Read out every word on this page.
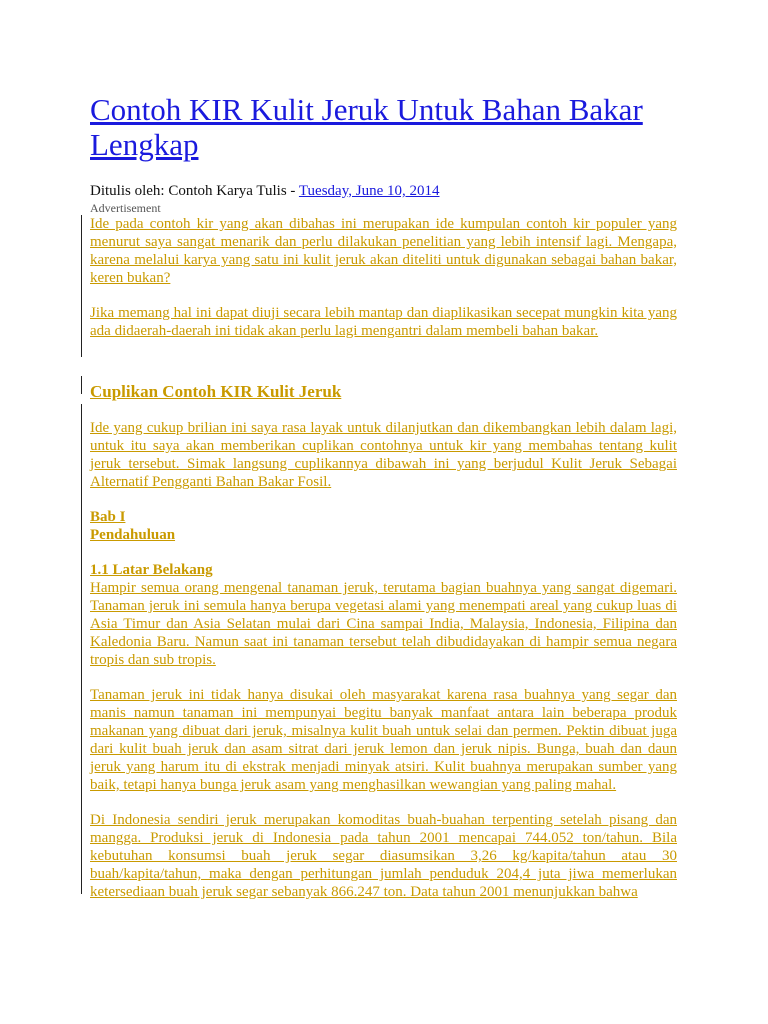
Contoh KIR Kulit Jeruk Untuk Bahan Bakar Lengkap
Ditulis oleh: Contoh Karya Tulis - Tuesday, June 10, 2014
Advertisement

Ide pada contoh kir yang akan dibahas ini merupakan ide kumpulan contoh kir populer yang menurut saya sangat menarik dan perlu dilakukan penelitian yang lebih intensif lagi. Mengapa, karena melalui karya yang satu ini kulit jeruk akan diteliti untuk digunakan sebagai bahan bakar, keren bukan?

Jika memang hal ini dapat diuji secara lebih mantap dan diaplikasikan secepat mungkin kita yang ada didaerah-daerah ini tidak akan perlu lagi mengantri dalam membeli bahan bakar.

Cuplikan Contoh KIR Kulit Jeruk

Ide yang cukup brilian ini saya rasa layak untuk dilanjutkan dan dikembangkan lebih dalam lagi, untuk itu saya akan memberikan cuplikan contohnya untuk kir yang membahas tentang kulit jeruk tersebut. Simak langsung cuplikannya dibawah ini yang berjudul Kulit Jeruk Sebagai Alternatif Pengganti Bahan Bakar Fosil.

Bab I

Pendahuluan

1.1 Latar Belakang

Hampir semua orang mengenal tanaman jeruk, terutama bagian buahnya yang sangat digemari. Tanaman jeruk ini semula hanya berupa vegetasi alami yang menempati areal yang cukup luas di Asia Timur dan Asia Selatan mulai dari Cina sampai India, Malaysia, Indonesia, Filipina dan Kaledonia Baru. Namun saat ini tanaman tersebut telah dibudidayakan di hampir semua negara tropis dan sub tropis.

Tanaman jeruk ini tidak hanya disukai oleh masyarakat karena rasa buahnya yang segar dan manis namun tanaman ini mempunyai begitu banyak manfaat antara lain beberapa produk makanan yang dibuat dari jeruk, misalnya kulit buah untuk selai dan permen. Pektin dibuat juga dari kulit buah jeruk dan asam sitrat dari jeruk lemon dan jeruk nipis. Bunga, buah dan daun jeruk yang harum itu di ekstrak menjadi minyak atsiri. Kulit buahnya merupakan sumber yang baik, tetapi hanya bunga jeruk asam yang menghasilkan wewangian yang paling mahal.

Di Indonesia sendiri jeruk merupakan komoditas buah-buahan terpenting setelah pisang dan mangga. Produksi jeruk di Indonesia pada tahun 2001 mencapai 744.052 ton/tahun. Bila kebutuhan konsumsi buah jeruk segar diasumsikan 3,26 kg/kapita/tahun atau 30 buah/kapita/tahun, maka dengan perhitungan jumlah penduduk 204,4 juta jiwa memerlukan ketersediaan buah jeruk segar sebanyak 866.247 ton. Data tahun 2001 menunjukkan bahwa
